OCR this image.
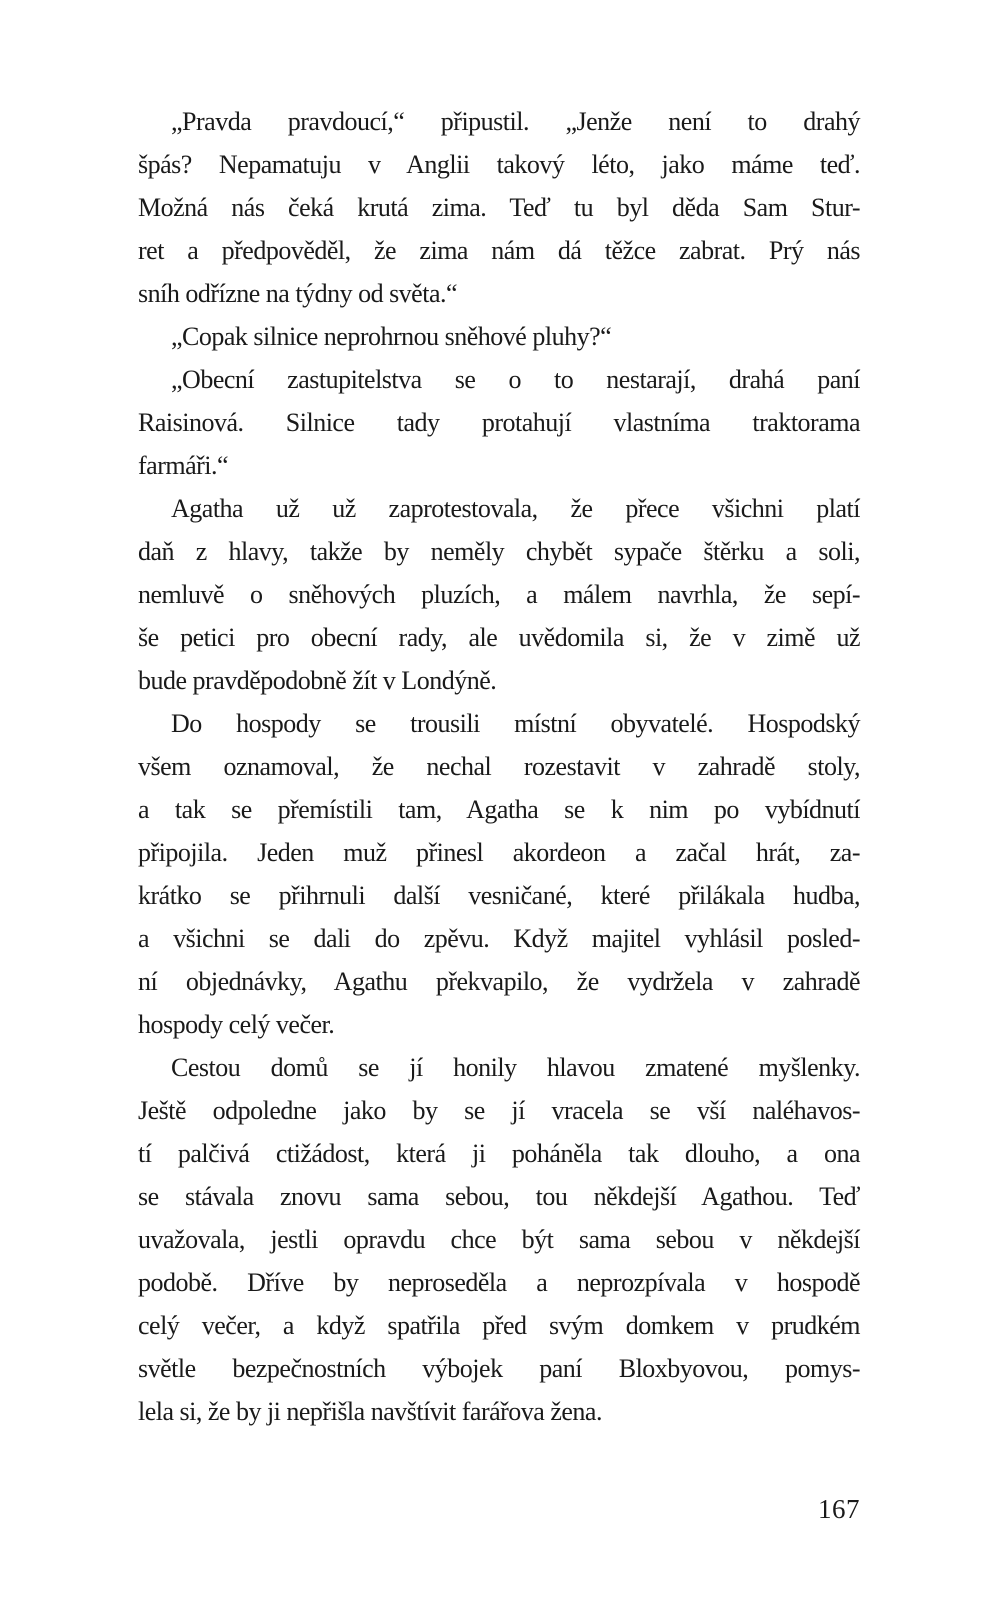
„Pravda pravdoucí,“ připustil. „Jenže není to drahý
špás? Nepamatuju v Anglii takový léto, jako máme teď.
Možná nás čeká krutá zima. Teď tu byl děda Sam Stur-
ret a předpověděl, že zima nám dá těžce zabrat. Prý nás
sníh odřízne na týdny od světa.“
„Copak silnice neprohrnou sněhové pluhy?“
„Obecní zastupitelstva se o to nestarají, drahá paní
Raisinová. Silnice tady protahují vlastníma traktorama
farmáři.“
Agatha už už zaprotestovala, že přece všichni platí
daň z hlavy, takže by neměly chybět sypače štěrku a soli,
nemluvě o sněhových pluzích, a málem navrhla, že sepí-
še petici pro obecní rady, ale uvědomila si, že v zimě už
bude pravděpodobně žít v Londýně.
Do hospody se trousili místní obyvatelé. Hospodský
všem oznamoval, že nechal rozestavit v zahradě stoly,
a tak se přemístili tam, Agatha se k nim po vybídnutí
připojila. Jeden muž přinesl akordeon a začal hrát, za-
krátko se přihrnuli další vesničané, které přilákala hudba,
a všichni se dali do zpěvu. Když majitel vyhlásil posled-
ní objednávky, Agathu překvapilo, že vydržela v zahradě
hospody celý večer.
Cestou domů se jí honily hlavou zmatené myšlenky.
Ještě odpoledne jako by se jí vracela se vší naléhavos-
tí palčivá ctižádost, která ji poháněla tak dlouho, a ona
se stávala znovu sama sebou, tou někdejší Agathou. Teď
uvažovala, jestli opravdu chce být sama sebou v někdejší
podobě. Dříve by neproseděla a neprozpívala v hospodě
celý večer, a když spatřila před svým domkem v prudkém
světle bezpečnostních výbojek paní Bloxbyovou, pomys-
lela si, že by ji nepřišla navštívit farářova žena.
167
